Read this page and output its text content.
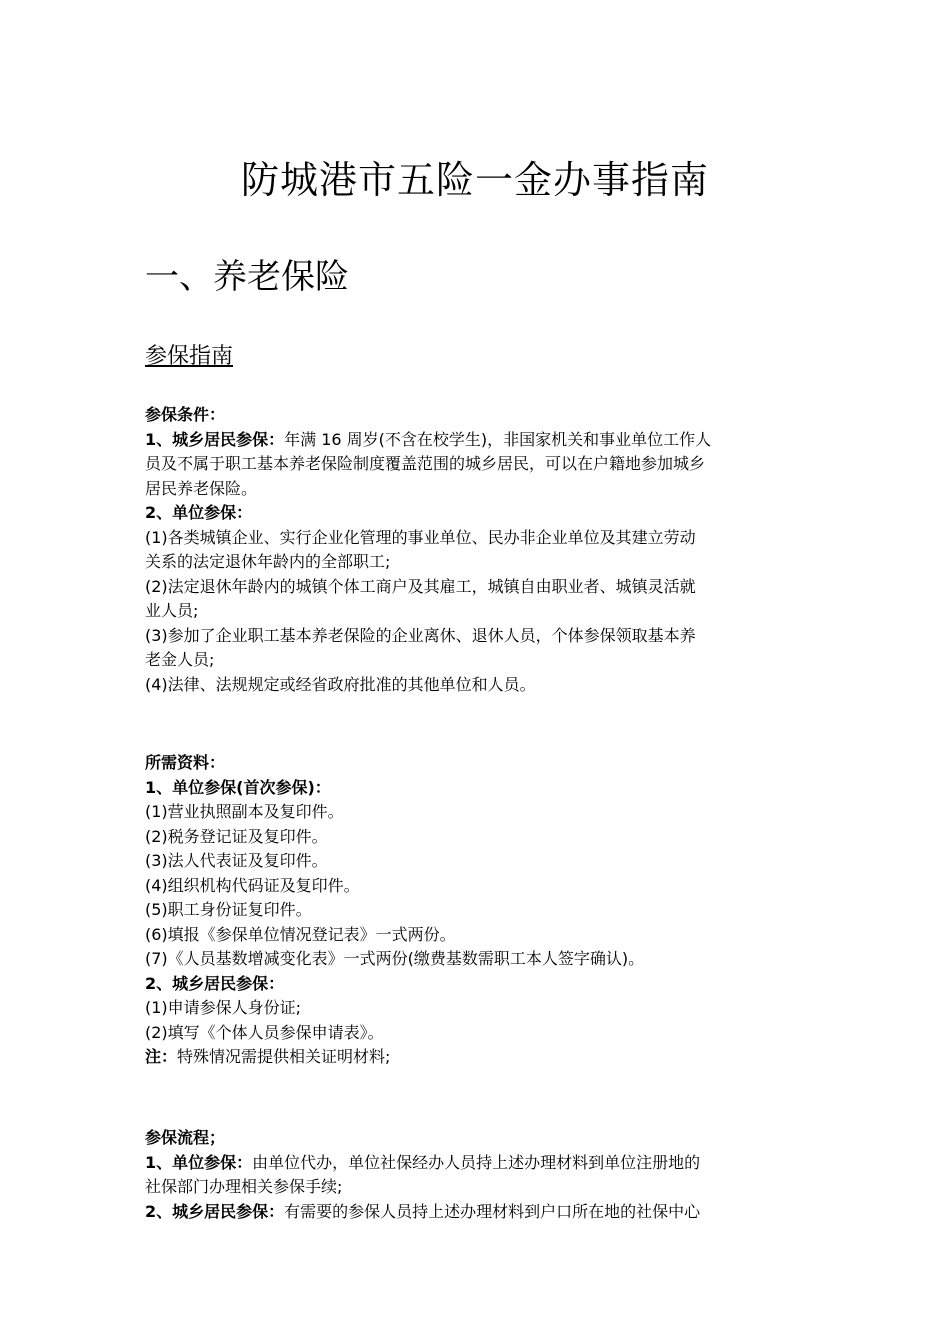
防城港市五险一金办事指南
一、养老保险
参保指南

参保条件：

1、城乡居民参保：年满 16 周岁(不含在校学生)，非国家机关和事业单位工作人

员及不属于职工基本养老保险制度覆盖范围的城乡居民，可以在户籍地参加城乡

居民养老保险。

2、单位参保：

(1)各类城镇企业、实行企业化管理的事业单位、民办非企业单位及其建立劳动

关系的法定退休年龄内的全部职工;

(2)法定退休年龄内的城镇个体工商户及其雇工，城镇自由职业者、城镇灵活就

业人员;

(3)参加了企业职工基本养老保险的企业离休、退休人员，个体参保领取基本养

老金人员;

(4)法律、法规规定或经省政府批准的其他单位和人员。

所需资料：

1、单位参保(首次参保)：

(1)营业执照副本及复印件。

(2)税务登记证及复印件。

(3)法人代表证及复印件。

(4)组织机构代码证及复印件。

(5)职工身份证复印件。

(6)填报《参保单位情况登记表》一式两份。

(7)《人员基数增减变化表》一式两份(缴费基数需职工本人签字确认)。

2、城乡居民参保：

(1)申请参保人身份证;

(2)填写《个体人员参保申请表》。

注：特殊情况需提供相关证明材料;

参保流程；

1、单位参保：由单位代办，单位社保经办人员持上述办理材料到单位注册地的

社保部门办理相关参保手续;

2、城乡居民参保：有需要的参保人员持上述办理材料到户口所在地的社保中心
